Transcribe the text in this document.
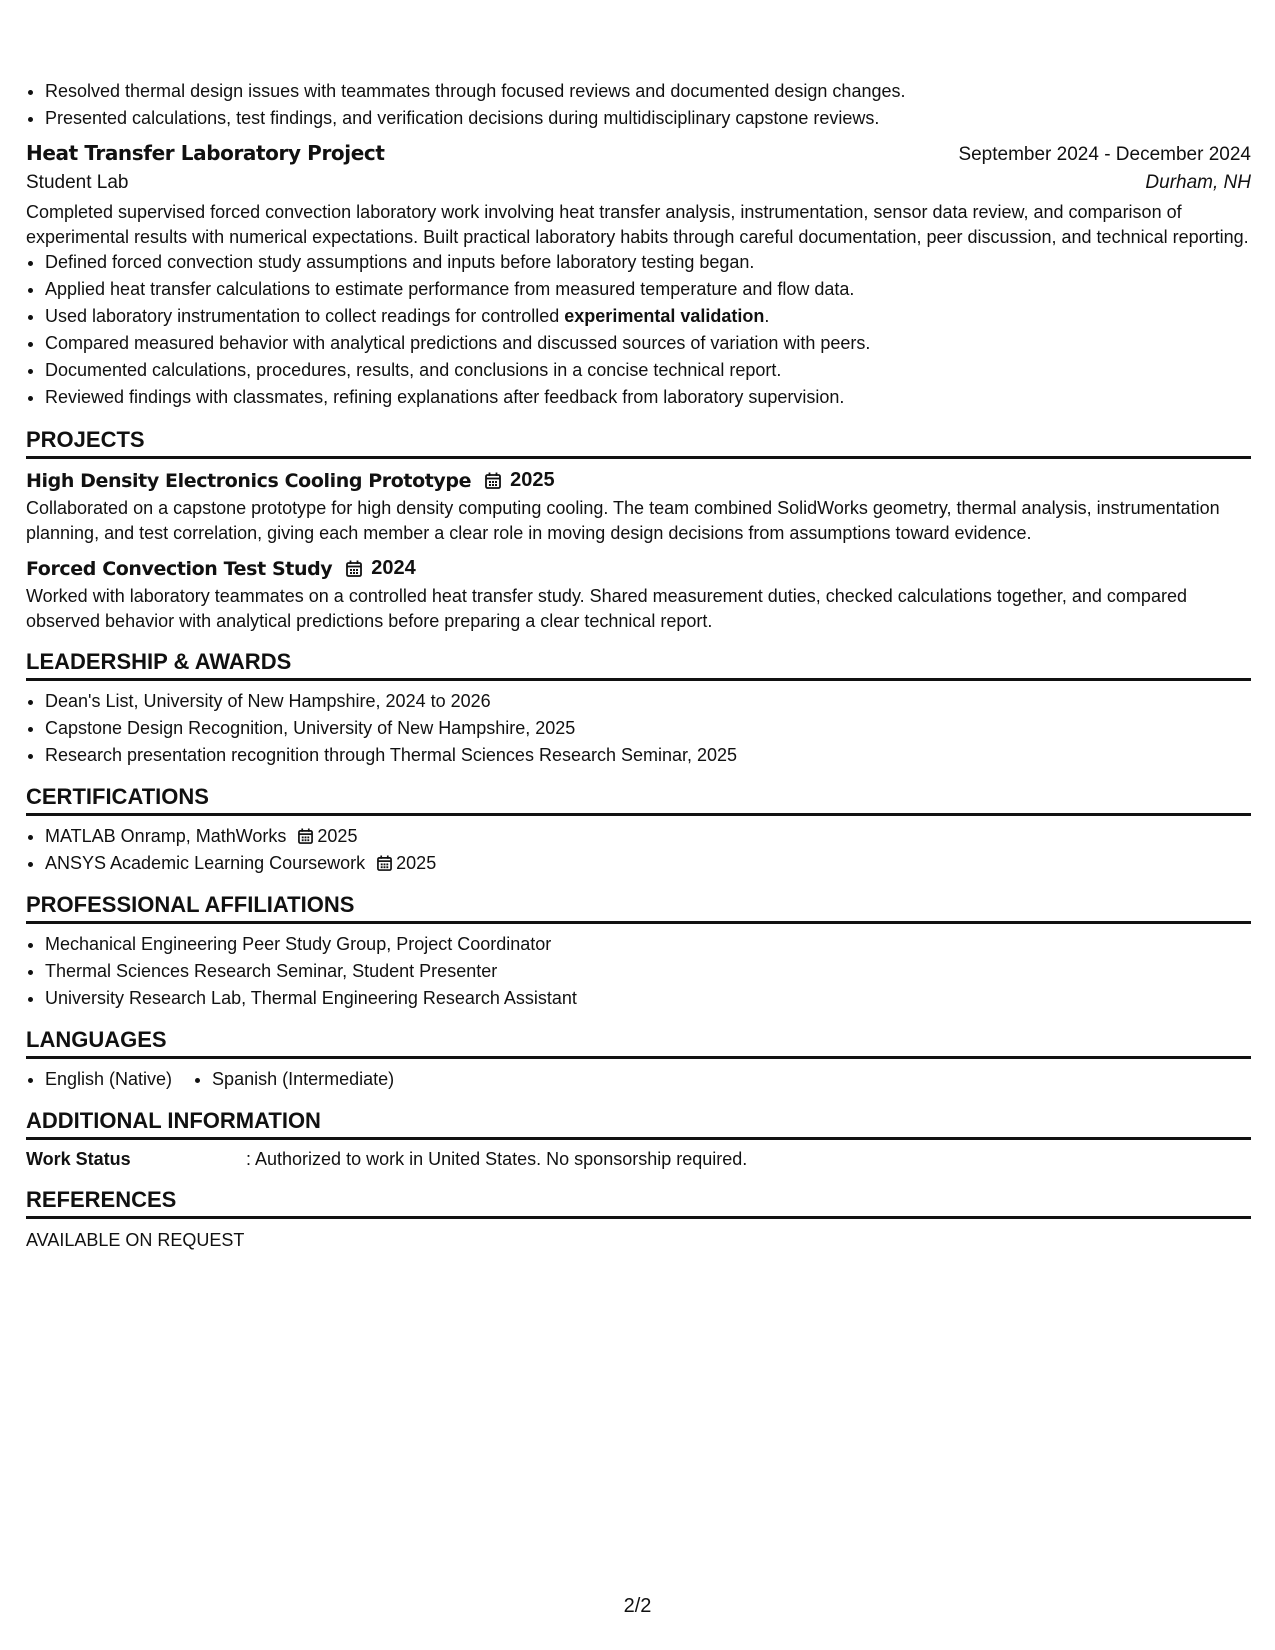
• Resolved thermal design issues with teammates through focused reviews and documented design changes.
• Presented calculations, test findings, and verification decisions during multidisciplinary capstone reviews.
Heat Transfer Laboratory Project	September 2024 - December 2024
Student Lab	Durham, NH

Completed supervised forced convection laboratory work involving heat transfer analysis, instrumentation, sensor data review, and comparison of experimental results with numerical expectations. Built practical laboratory habits through careful documentation, peer discussion, and technical reporting.

• Defined forced convection study assumptions and inputs before laboratory testing began.
• Applied heat transfer calculations to estimate performance from measured temperature and flow data.
• Used laboratory instrumentation to collect readings for controlled experimental validation.
• Compared measured behavior with analytical predictions and discussed sources of variation with peers.
• Documented calculations, procedures, results, and conclusions in a concise technical report.
• Reviewed findings with classmates, refining explanations after feedback from laboratory supervision.
PROJECTS
High Density Electronics Cooling Prototype 2025

Collaborated on a capstone prototype for high density computing cooling. The team combined SolidWorks geometry, thermal analysis, instrumentation planning, and test correlation, giving each member a clear role in moving design decisions from assumptions toward evidence.

Forced Convection Test Study 2024

Worked with laboratory teammates on a controlled heat transfer study. Shared measurement duties, checked calculations together, and compared observed behavior with analytical predictions before preparing a clear technical report.

LEADERSHIP & AWARDS
• Dean's List, University of New Hampshire, 2024 to 2026
• Capstone Design Recognition, University of New Hampshire, 2025
• Research presentation recognition through Thermal Sciences Research Seminar, 2025
CERTIFICATIONS
• MATLAB Onramp, MathWorks 2025
• ANSYS Academic Learning Coursework 2025
PROFESSIONAL AFFILIATIONS
• Mechanical Engineering Peer Study Group, Project Coordinator
• Thermal Sciences Research Seminar, Student Presenter
• University Research Lab, Thermal Engineering Research Assistant
LANGUAGES
• English (Native)
• Spanish (Intermediate)
ADDITIONAL INFORMATION
Work Status	: Authorized to work in United States. No sponsorship required.
REFERENCES

AVAILABLE ON REQUEST

2/2
